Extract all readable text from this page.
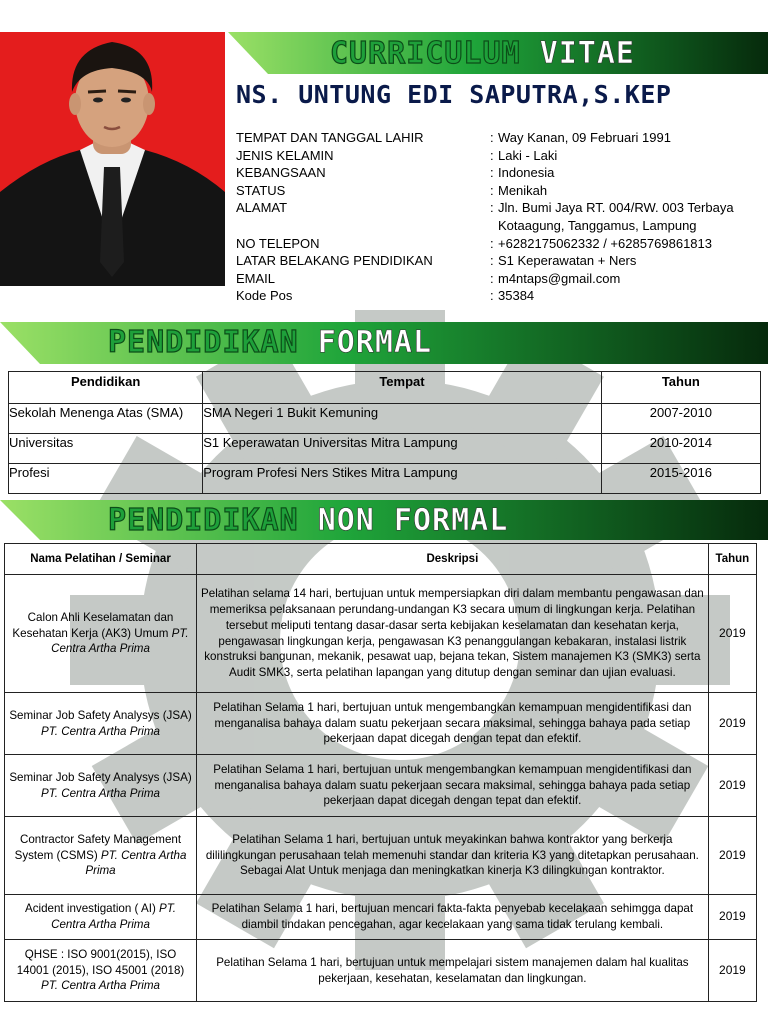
CURRICULUM VITAE
NS. UNTUNG EDI SAPUTRA,S.KEP
TEMPAT DAN TANGGAL LAHIR	: Way Kanan, 09 Februari 1991
JENIS KELAMIN	: Laki - Laki
KEBANGSAAN	: Indonesia
STATUS	: Menikah
ALAMAT	: Jln. Bumi Jaya RT. 004/RW. 003 Terbaya
Kotaagung, Tanggamus, Lampung
NO TELEPON	: +6282175062332 / +6285769861813
LATAR BELAKANG PENDIDIKAN	: S1 Keperawatan + Ners
EMAIL	: m4ntaps@gmail.com
Kode Pos	: 35384
PENDIDIKAN FORMAL
Pendidikan	Tempat	Tahun
Sekolah Menenga Atas (SMA)	SMA Negeri 1 Bukit Kemuning	2007-2010
Universitas	S1 Keperawatan Universitas Mitra Lampung	2010-2014
Profesi	Program Profesi Ners Stikes Mitra Lampung	2015-2016
PENDIDIKAN NON FORMAL
Nama Pelatihan / Seminar	Deskripsi	Tahun
Calon Ahli Keselamatan dan Kesehatan Kerja (AK3) Umum PT. Centra Artha Prima	Pelatihan selama 14 hari, bertujuan untuk mempersiapkan diri dalam membantu pengawasan dan memeriksa pelaksanaan perundang-undangan K3 secara umum di lingkungan kerja. Pelatihan tersebut meliputi tentang dasar-dasar serta kebijakan keselamatan dan kesehatan kerja, pengawasan lingkungan kerja, pengawasan K3 penanggulangan kebakaran, instalasi listrik konstruksi bangunan, mekanik, pesawat uap, bejana tekan, Sistem manajemen K3 (SMK3) serta Audit SMK3, serta pelatihan lapangan yang ditutup dengan seminar dan ujian evaluasi.	2019
Seminar Job Safety Analysys (JSA) PT. Centra Artha Prima	Pelatihan Selama 1 hari, bertujuan untuk mengembangkan kemampuan mengidentifikasi dan menganalisa bahaya dalam suatu pekerjaan secara maksimal, sehingga bahaya pada setiap pekerjaan dapat dicegah dengan tepat dan efektif.	2019
Seminar Job Safety Analysys (JSA) PT. Centra Artha Prima	Pelatihan Selama 1 hari, bertujuan untuk mengembangkan kemampuan mengidentifikasi dan menganalisa bahaya dalam suatu pekerjaan secara maksimal, sehingga bahaya pada setiap pekerjaan dapat dicegah dengan tepat dan efektif.	2019
Contractor Safety Management System (CSMS) PT. Centra Artha Prima	Pelatihan Selama 1 hari, bertujuan untuk meyakinkan bahwa kontraktor yang berkerja dililingkungan perusahaan telah memenuhi standar dan kriteria K3 yang ditetapkan perusahaan. Sebagai Alat Untuk menjaga dan meningkatkan kinerja K3 dilingkungan kontraktor.	2019
Acident investigation ( AI) PT. Centra Artha Prima	Pelatihan Selama 1 hari, bertujuan mencari fakta-fakta penyebab kecelakaan sehimgga dapat diambil tindakan pencegahan, agar kecelakaan yang sama tidak terulang kembali.	2019
QHSE : ISO 9001(2015), ISO 14001 (2015), ISO 45001 (2018) PT. Centra Artha Prima	Pelatihan Selama 1 hari, bertujuan untuk mempelajari sistem manajemen dalam hal kualitas pekerjaan, kesehatan, keselamatan dan lingkungan.	2019
